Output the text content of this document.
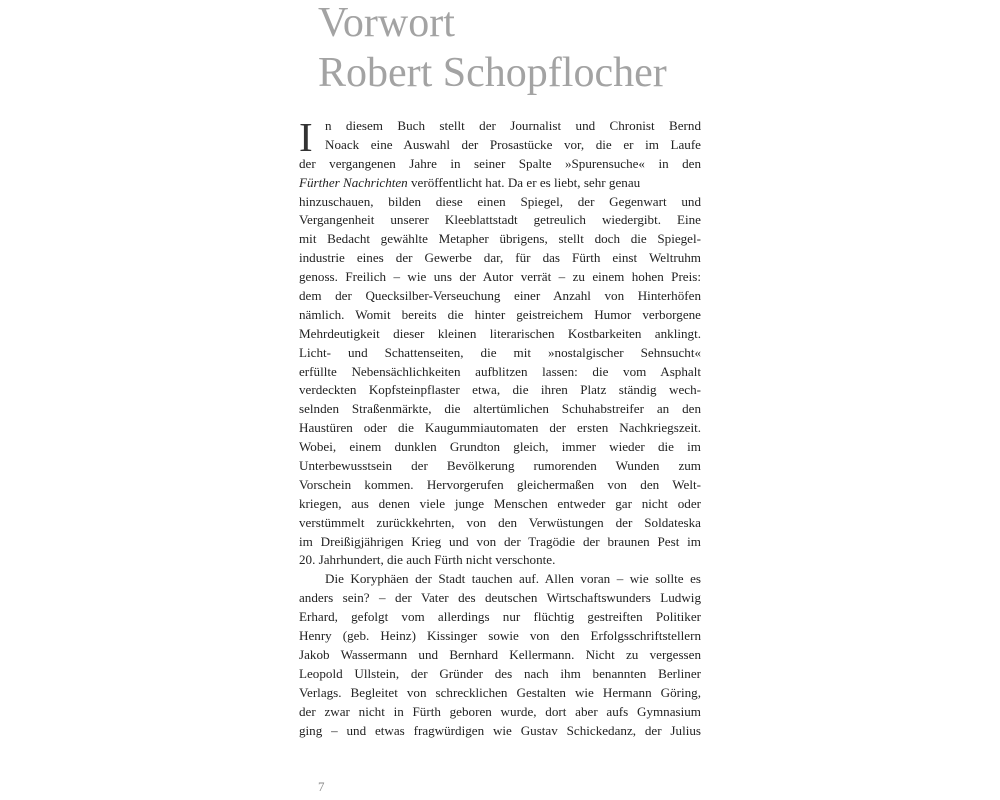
Vorwort
Robert Schopflocher
I n diesem Buch stellt der Journalist und Chronist Bernd
Noack eine Auswahl der Prosastücke vor, die er im Laufe
der vergangenen Jahre in seiner Spalte »Spurensuche« in den
Fürther Nachrichten veröffentlicht hat. Da er es liebt, sehr genau
hinzuschauen, bilden diese einen Spiegel, der Gegenwart und
Vergangenheit unserer Kleeblattstadt getreulich wiedergibt. Eine
mit Bedacht gewählte Metapher übrigens, stellt doch die Spiegel-
industrie eines der Gewerbe dar, für das Fürth einst Weltruhm
genoss. Freilich – wie uns der Autor verrät – zu einem hohen Preis:
dem der Quecksilber-Verseuchung einer Anzahl von Hinterhöfen
nämlich. Womit bereits die hinter geistreichem Humor verborgene
Mehrdeutigkeit dieser kleinen literarischen Kostbarkeiten anklingt.
Licht- und Schattenseiten, die mit »nostalgischer Sehnsucht«
erfüllte Nebensächlichkeiten aufblitzen lassen: die vom Asphalt
verdeckten Kopfsteinpflaster etwa, die ihren Platz ständig wech-
selnden Straßenmärkte, die altertümlichen Schuhabstreifer an den
Haustüren oder die Kaugummiautomaten der ersten Nachkriegszeit.
Wobei, einem dunklen Grundton gleich, immer wieder die im
Unterbewusstsein der Bevölkerung rumorenden Wunden zum
Vorschein kommen. Hervorgerufen gleichermaßen von den Welt-
kriegen, aus denen viele junge Menschen entweder gar nicht oder
verstümmelt zurückkehrten, von den Verwüstungen der Soldateska
im Dreißigjährigen Krieg und von der Tragödie der braunen Pest im
20. Jahrhundert, die auch Fürth nicht verschonte.
Die Koryphäen der Stadt tauchen auf. Allen voran – wie sollte es
anders sein? – der Vater des deutschen Wirtschaftswunders Ludwig
Erhard, gefolgt vom allerdings nur flüchtig gestreiften Politiker
Henry (geb. Heinz) Kissinger sowie von den Erfolgsschriftstellern
Jakob Wassermann und Bernhard Kellermann. Nicht zu vergessen
Leopold Ullstein, der Gründer des nach ihm benannten Berliner
Verlags. Begleitet von schrecklichen Gestalten wie Hermann Göring,
der zwar nicht in Fürth geboren wurde, dort aber aufs Gymnasium
ging – und etwas fragwürdigen wie Gustav Schickedanz, der Julius
7
